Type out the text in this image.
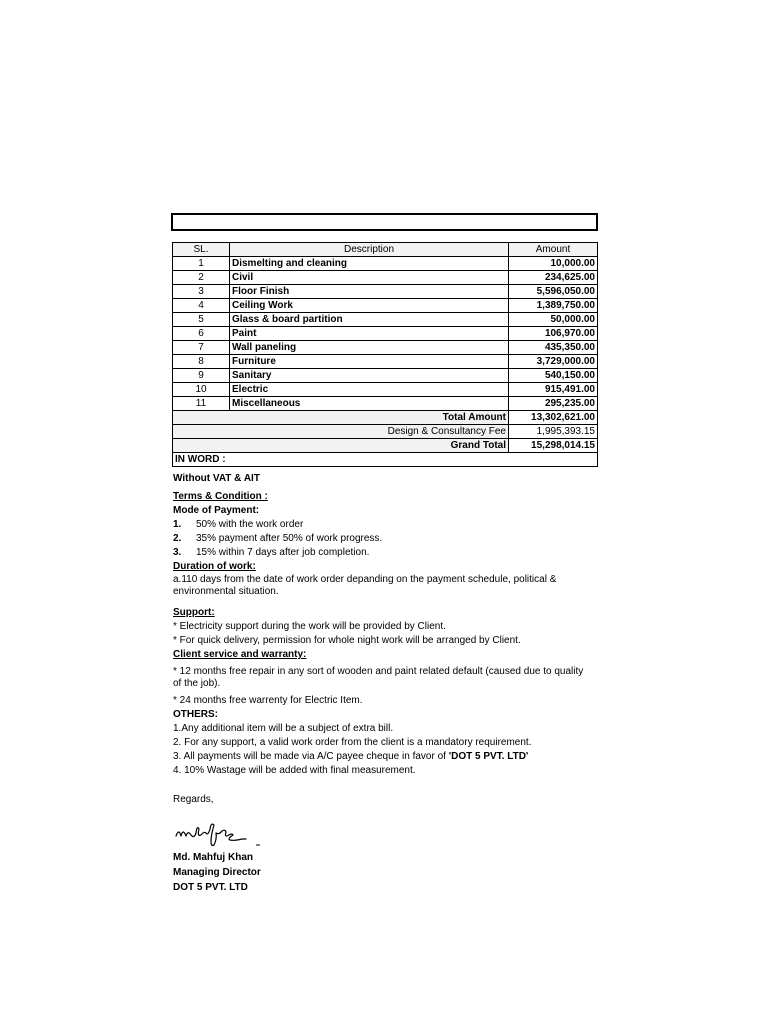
SL.	Description	Amount
1	Dismelting and cleaning	10,000.00
2	Civil	234,625.00
3	Floor Finish	5,596,050.00
4	Ceiling Work	1,389,750.00
5	Glass & board partition	50,000.00
6	Paint	106,970.00
7	Wall paneling	435,350.00
8	Furniture	3,729,000.00
9	Sanitary	540,150.00
10	Electric	915,491.00
11	Miscellaneous	295,235.00
Total Amount		13,302,621.00
Design & Consultancy Fee		1,995,393.15
Grand Total		15,298,014.15
IN WORD :		

Without VAT & AIT

Terms & Condition :

Mode of Payment:

1. 50% with the work order

2. 35% payment after 50% of work progress.

3. 15% within 7 days after job completion.

Duration of work:

a.110 days from the date of work order depanding on the payment schedule, political & environmental situation.

Support:

* Electricity support during the work will be provided by Client.

* For quick delivery, permission for whole night work will be arranged by Client.

Client service and warranty:

* 12 months free repair in any sort of wooden and paint related default (caused due to quality of the job).

* 24 months free warrenty for Electric Item.

OTHERS:

1.Any additional item will be a subject of extra bill.

2. For any support, a valid work order from the client is a mandatory requirement.

3. All payments will be made via A/C payee cheque in favor of 'DOT 5 PVT. LTD'

4. 10% Wastage will be added with final measurement.

Regards,
Md. Mahfuj Khan
Managing Director
DOT 5 PVT. LTD
